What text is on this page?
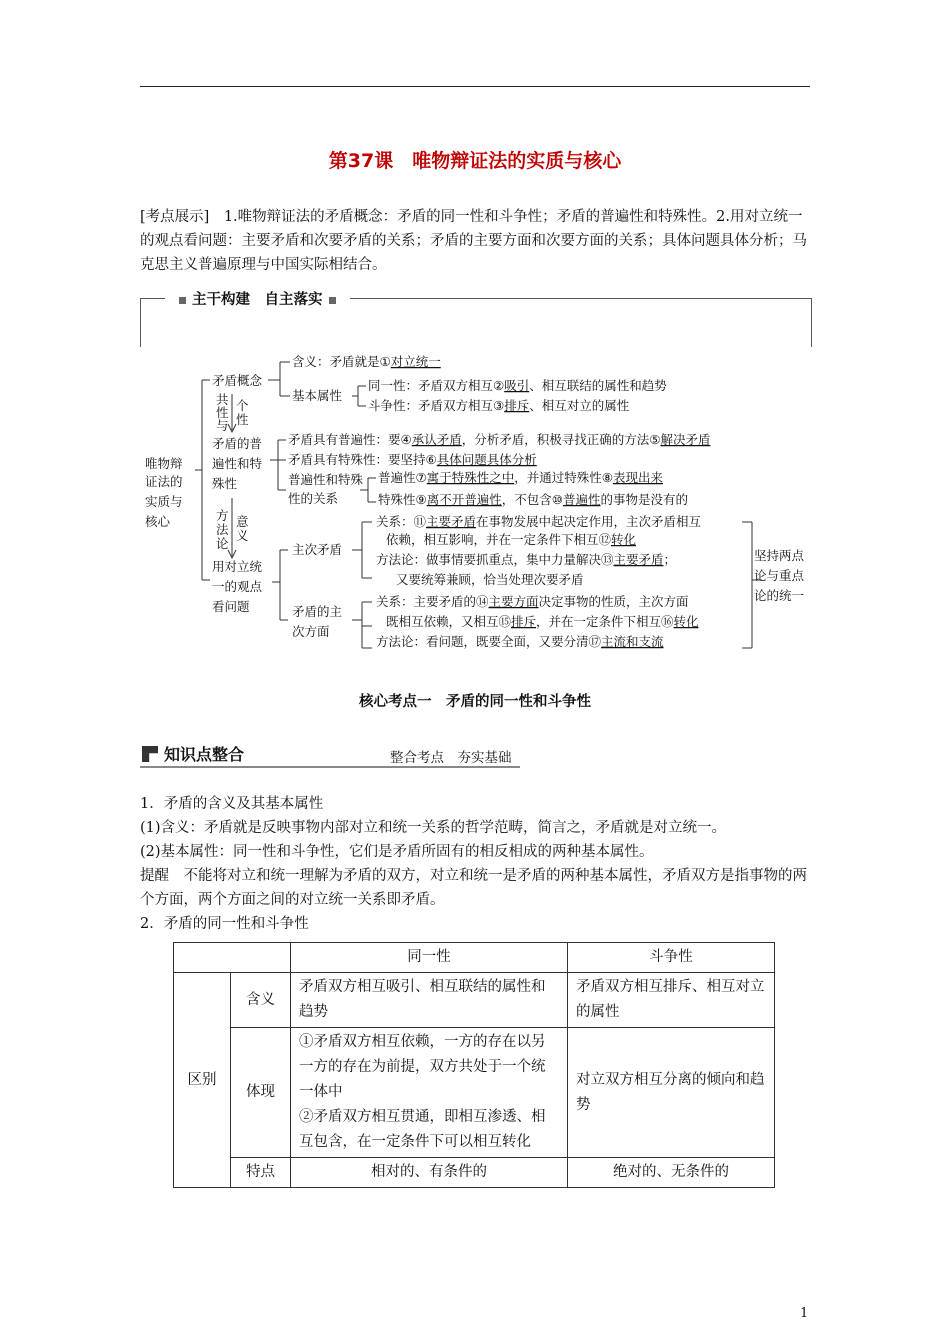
第37课　唯物辩证法的实质与核心
[考点展示]　1.唯物辩证法的矛盾概念：矛盾的同一性和斗争性；矛盾的普遍性和特殊性。2.用对立统一的观点看问题：主要矛盾和次要矛盾的关系；矛盾的主要方面和次要方面的关系；具体问题具体分析；马克思主义普遍原理与中国实际相结合。
主干构建　自主落实
唯物辩
证法的
实质与
核心
矛盾概念
共
性
与
个
性
矛盾的普
遍性和特
殊性
方
法
论
意
义
用对立统
一的观点
看问题
含义：矛盾就是①对立统一
基本属性
同一性：矛盾双方相互②吸引、相互联结的属性和趋势
斗争性：矛盾双方相互③排斥、相互对立的属性
矛盾具有普遍性：要④承认矛盾，分析矛盾，积极寻找正确的方法⑤解决矛盾
矛盾具有特殊性：要坚持⑥具体问题具体分析
普遍性和特殊
性的关系
普遍性⑦寓于特殊性之中，并通过特殊性⑧表现出来
特殊性⑨离不开普遍性，不包含⑩普遍性的事物是没有的
主次矛盾
关系：⑪主要矛盾在事物发展中起决定作用，主次矛盾相互
依赖，相互影响，并在一定条件下相互⑫转化
方法论：做事情要抓重点，集中力量解决⑬主要矛盾；
又要统筹兼顾，恰当处理次要矛盾
矛盾的主
次方面
关系：主要矛盾的⑭主要方面决定事物的性质，主次方面
既相互依赖，又相互⑮排斥，并在一定条件下相互⑯转化
方法论：看问题，既要全面，又要分清⑰主流和支流
坚持两点
论与重点
论的统一
核心考点一　矛盾的同一性和斗争性
知识点整合	整合考点　夯实基础
1．矛盾的含义及其基本属性
(1)含义：矛盾就是反映事物内部对立和统一关系的哲学范畴，简言之，矛盾就是对立统一。
(2)基本属性：同一性和斗争性，它们是矛盾所固有的相反相成的两种基本属性。
提醒　不能将对立和统一理解为矛盾的双方，对立和统一是矛盾的两种基本属性，矛盾双方是指事物的两个方面，两个方面之间的对立统一关系即矛盾。
2．矛盾的同一性和斗争性
		同一性	斗争性
区别	含义	矛盾双方相互吸引、相互联结的属性和趋势	矛盾双方相互排斥、相互对立的属性
	体现	①矛盾双方相互依赖，一方的存在以另一方的存在为前提，双方共处于一个统一体中
②矛盾双方相互贯通，即相互渗透、相互包含，在一定条件下可以相互转化	对立双方相互分离的倾向和趋势
	特点	相对的、有条件的	绝对的、无条件的
1
